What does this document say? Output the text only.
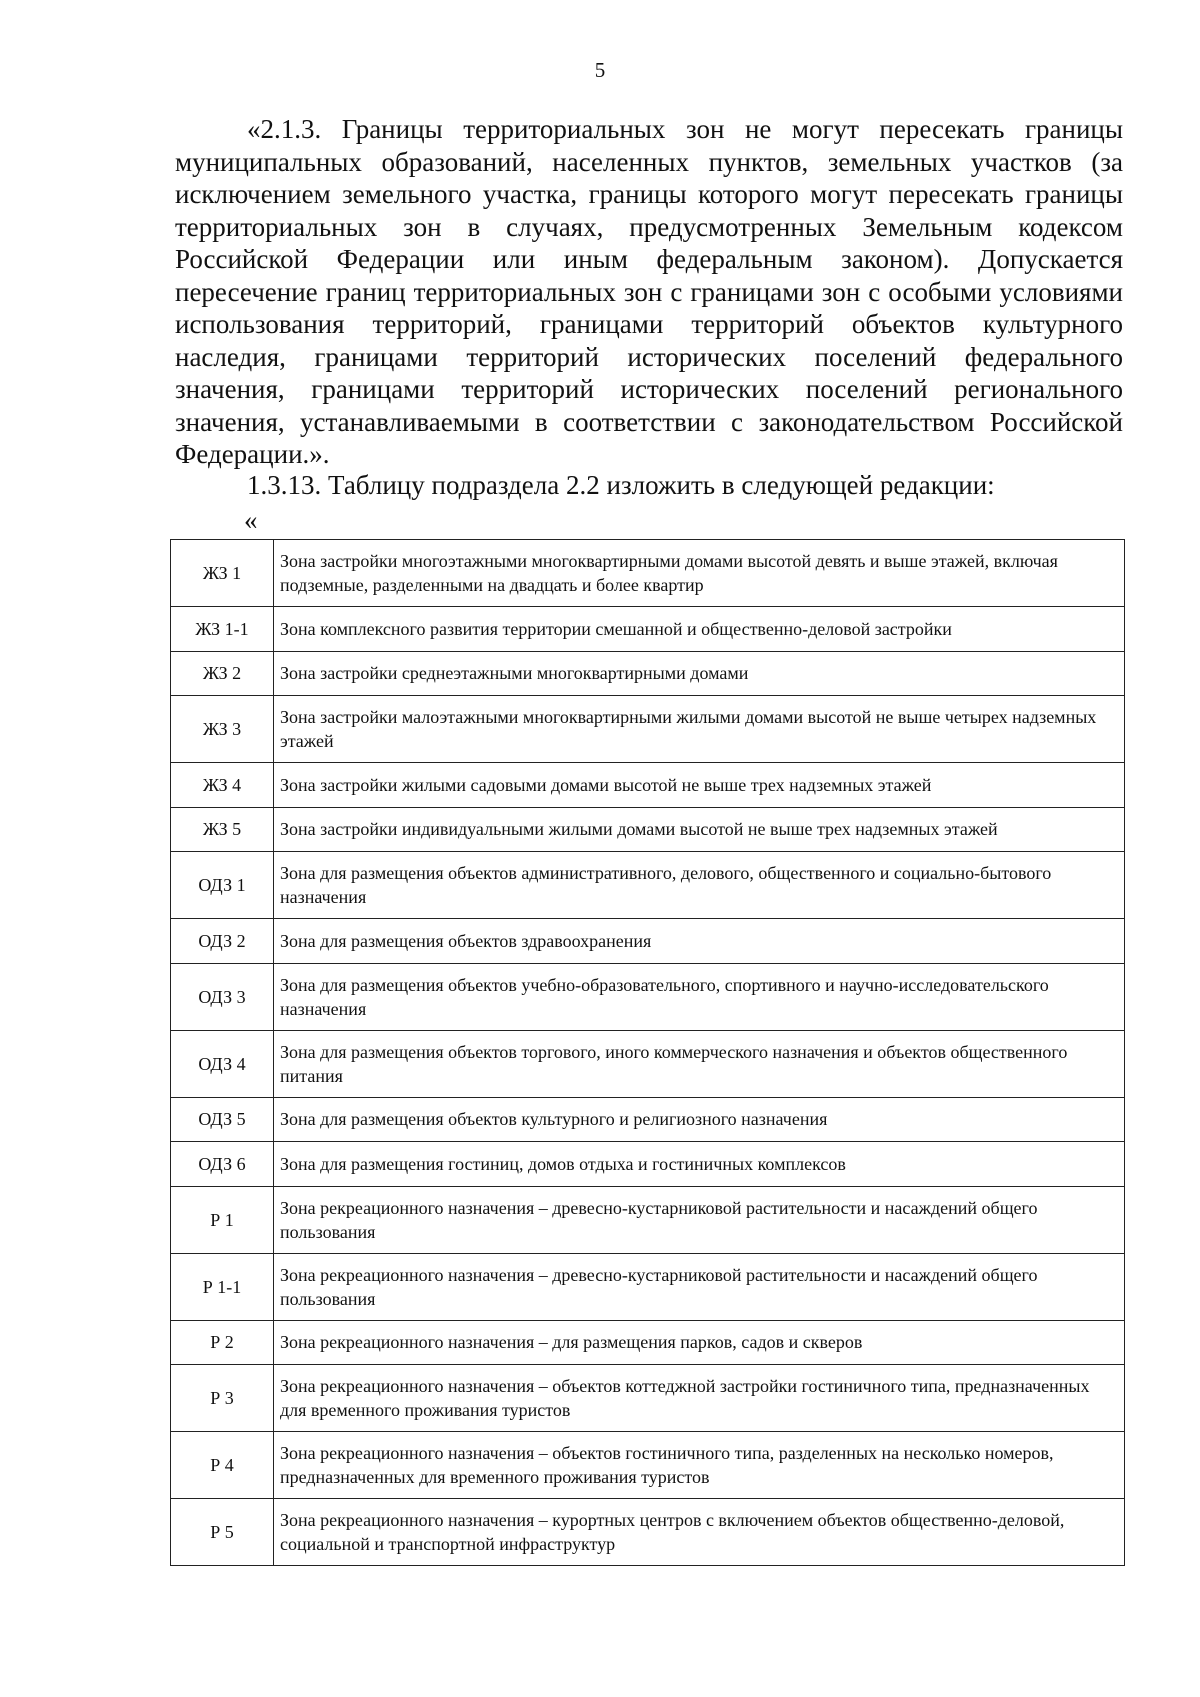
5

«2.1.3. Границы территориальных зон не могут пересекать границы муниципальных образований, населенных пунктов, земельных участков (за исключением земельного участка, границы которого могут пересекать границы территориальных зон в случаях, предусмотренных Земельным кодексом Российской Федерации или иным федеральным законом). Допускается пересечение границ территориальных зон с границами зон с особыми условиями использования территорий, границами территорий объектов культурного наследия, границами территорий исторических поселений федерального значения, границами территорий исторических поселений регионального значения, устанавливаемыми в соответствии с законодательством Российской Федерации.».

1.3.13. Таблицу подраздела 2.2 изложить в следующей редакции:

«

ЖЗ 1	Зона застройки многоэтажными многоквартирными домами высотой девять и выше этажей, включая подземные, разделенными на двадцать и более квартир
ЖЗ 1-1	Зона комплексного развития территории смешанной и общественно-деловой застройки
ЖЗ 2	Зона застройки среднеэтажными многоквартирными домами
ЖЗ 3	Зона застройки малоэтажными многоквартирными жилыми домами высотой не выше четырех надземных этажей
ЖЗ 4	Зона застройки жилыми садовыми домами высотой не выше трех надземных этажей
ЖЗ 5	Зона застройки индивидуальными жилыми домами высотой не выше трех надземных этажей
ОДЗ 1	Зона для размещения объектов административного, делового, общественного и социально-бытового назначения
ОДЗ 2	Зона для размещения объектов здравоохранения
ОДЗ 3	Зона для размещения объектов учебно-образовательного, спортивного и научно-исследовательского назначения
ОДЗ 4	Зона для размещения объектов торгового, иного коммерческого назначения и объектов общественного питания
ОДЗ 5	Зона для размещения объектов культурного и религиозного назначения
ОДЗ 6	Зона для размещения гостиниц, домов отдыха и гостиничных комплексов
Р 1	Зона рекреационного назначения – древесно-кустарниковой растительности и насаждений общего пользования
Р 1-1	Зона рекреационного назначения – древесно-кустарниковой растительности и насаждений общего пользования
Р 2	Зона рекреационного назначения – для размещения парков, садов и скверов
Р 3	Зона рекреационного назначения – объектов коттеджной застройки гостиничного типа, предназначенных для временного проживания туристов
Р 4	Зона рекреационного назначения – объектов гостиничного типа, разделенных на несколько номеров, предназначенных для временного проживания туристов
Р 5	Зона рекреационного назначения – курортных центров с включением объектов общественно-деловой, социальной и транспортной инфраструктур
